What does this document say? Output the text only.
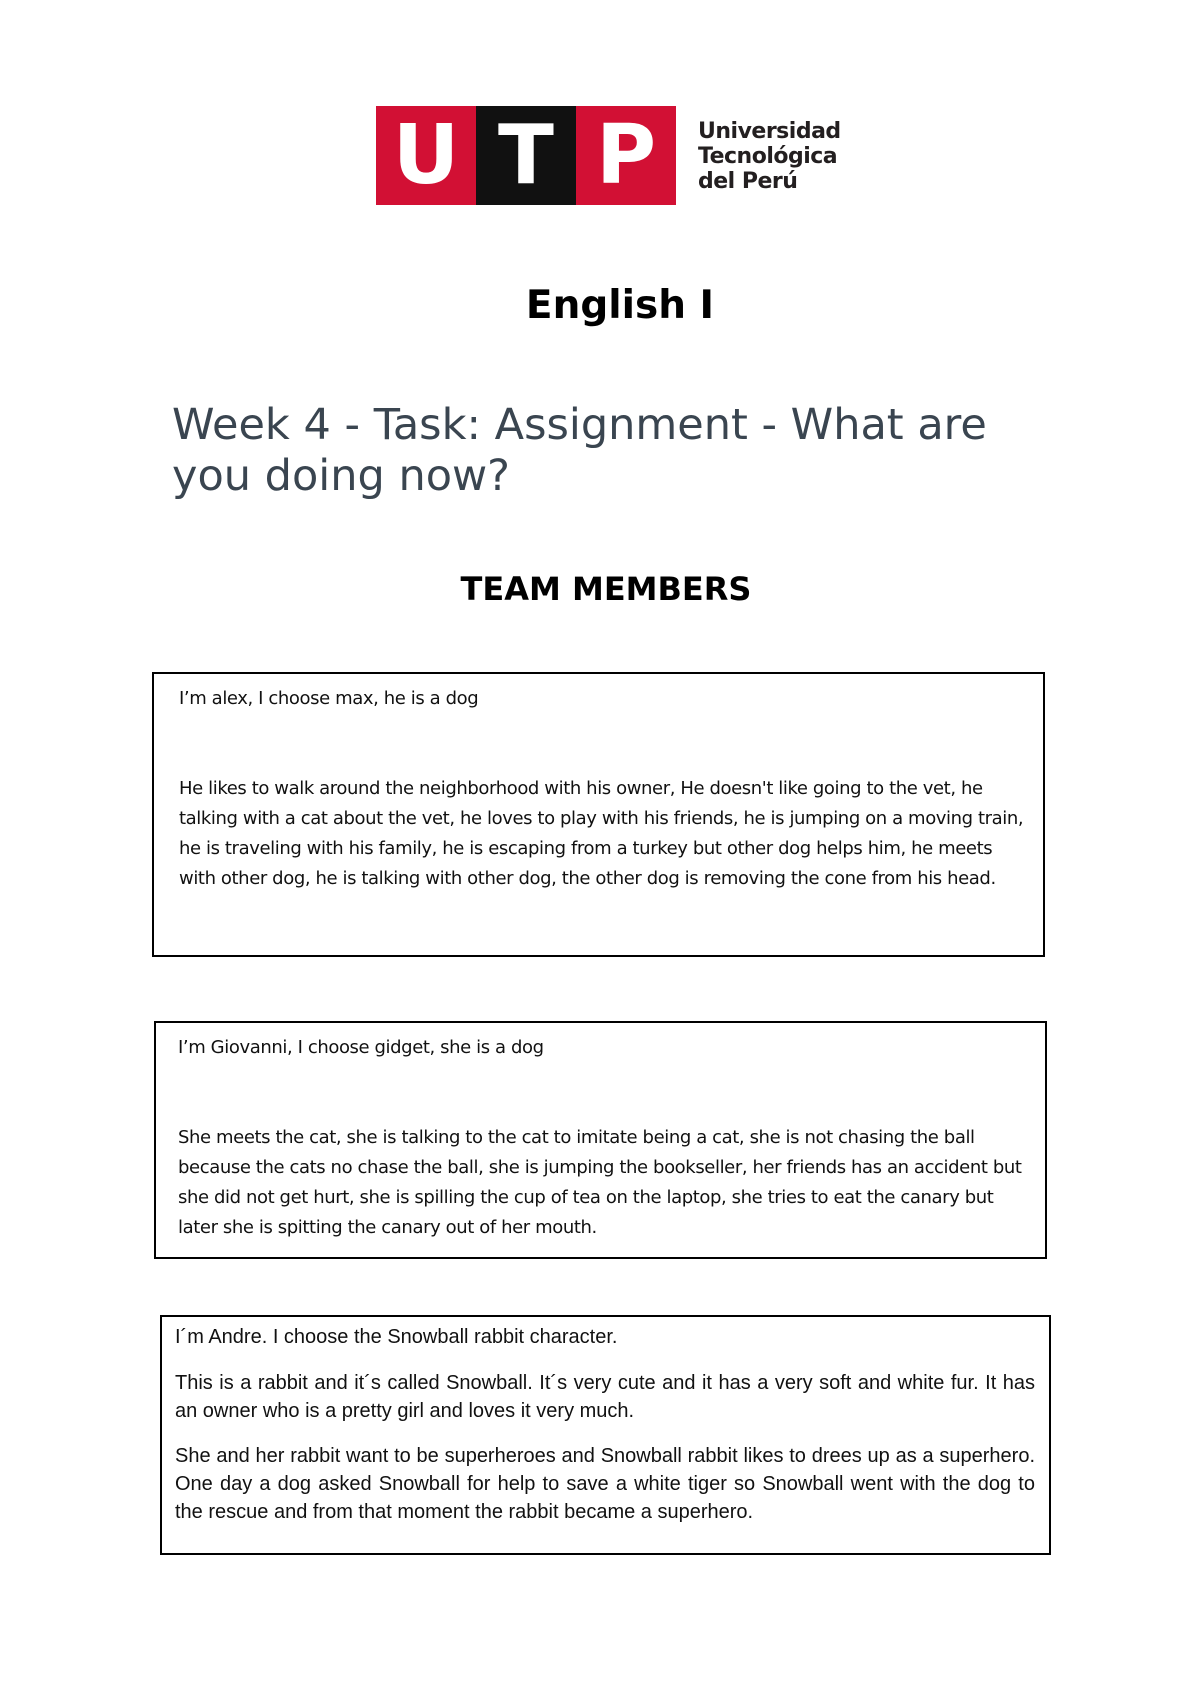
U T P	Universidad
Tecnológica
del Perú
English I
Week 4 - Task: Assignment - What are you doing now?
TEAM MEMBERS

I’m alex, I choose max, he is a dog

He likes to walk around the neighborhood with his owner, He doesn't like going to the vet, he talking with a cat about the vet, he loves to play with his friends, he is jumping on a moving train, he is traveling with his family, he is escaping from a turkey but other dog helps him, he meets with other dog, he is talking with other dog, the other dog is removing the cone from his head.

I’m Giovanni, I choose gidget, she is a dog

She meets the cat, she is talking to the cat to imitate being a cat, she is not chasing the ball because the cats no chase the ball, she is jumping the bookseller, her friends has an accident but she did not get hurt, she is spilling the cup of tea on the laptop, she tries to eat the canary but later she is spitting the canary out of her mouth.

I´m Andre. I choose the Snowball rabbit character.

This is a rabbit and it´s called Snowball. It´s very cute and it has a very soft and white fur. It has an owner who is a pretty girl and loves it very much.

She and her rabbit want to be superheroes and Snowball rabbit likes to drees up as a superhero. One day a dog asked Snowball for help to save a white tiger so Snowball went with the dog to the rescue and from that moment the rabbit became a superhero.
